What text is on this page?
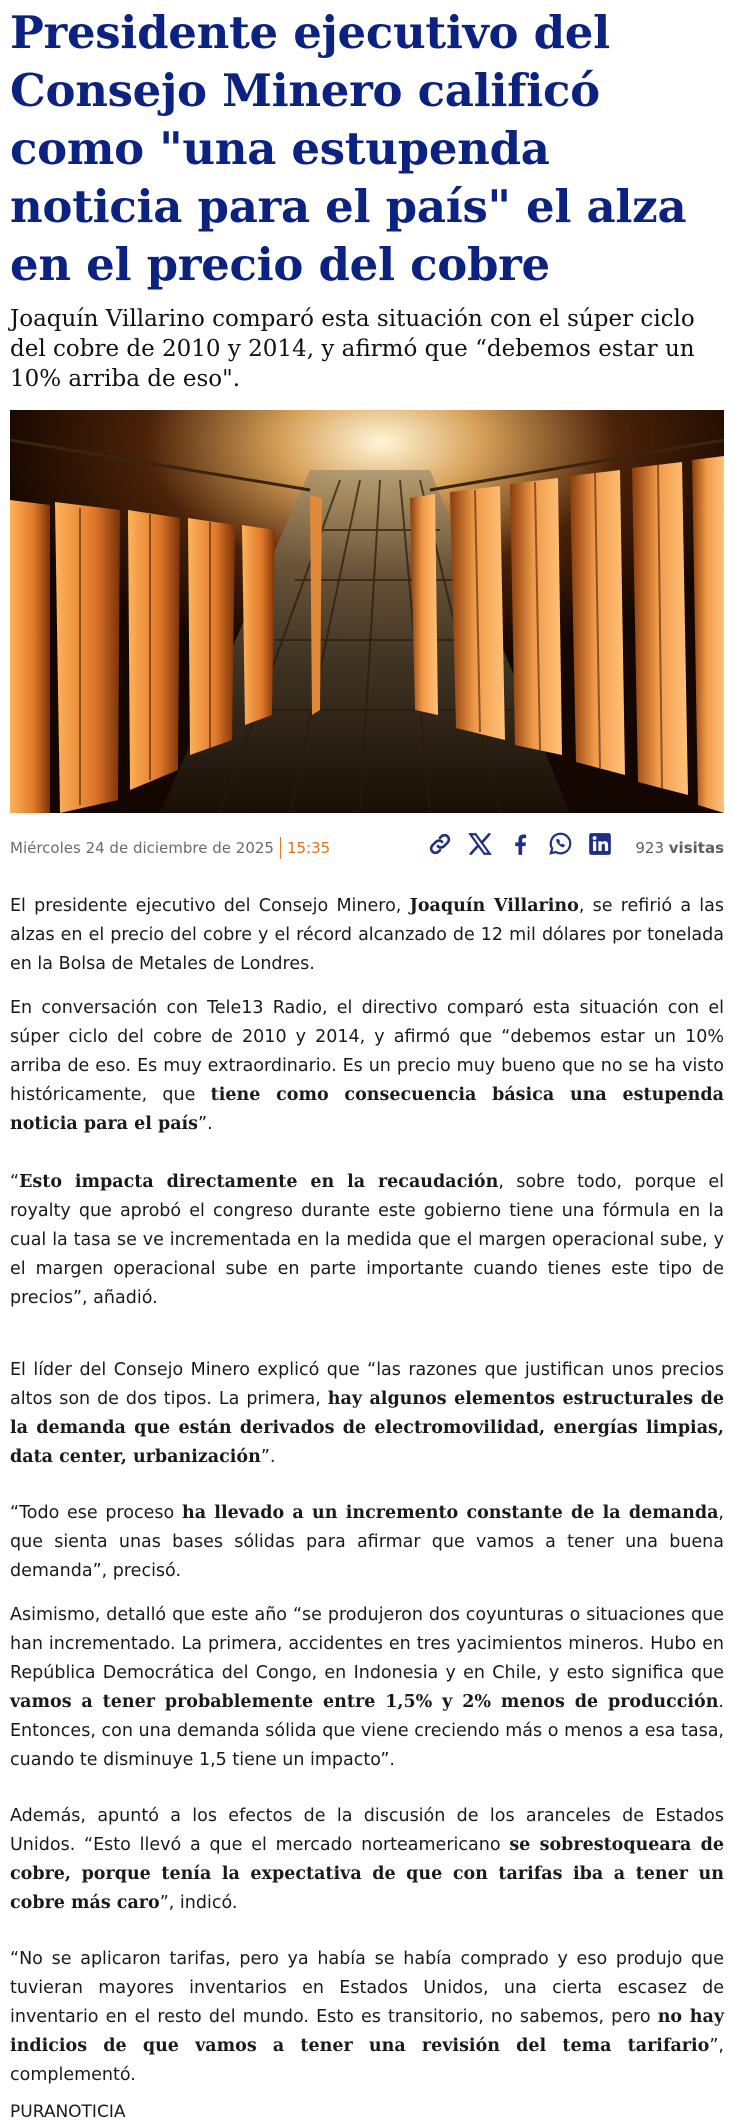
Presidente ejecutivo del Consejo Minero calificó como "una estupenda noticia para el país" el alza en el precio del cobre
Joaquín Villarino comparó esta situación con el súper ciclo del cobre de 2010 y 2014, y afirmó que “debemos estar un 10% arriba de eso".
Miércoles 24 de diciembre de 2025 15:35	923 visitas

El presidente ejecutivo del Consejo Minero, Joaquín Villarino, se refirió a las alzas en el precio del cobre y el récord alcanzado de 12 mil dólares por tonelada en la Bolsa de Metales de Londres.

En conversación con Tele13 Radio, el directivo comparó esta situación con el súper ciclo del cobre de 2010 y 2014, y afirmó que “debemos estar un 10% arriba de eso. Es muy extraordinario. Es un precio muy bueno que no se ha visto históricamente, que tiene como consecuencia básica una estupenda noticia para el país”.

“Esto impacta directamente en la recaudación, sobre todo, porque el royalty que aprobó el congreso durante este gobierno tiene una fórmula en la cual la tasa se ve incrementada en la medida que el margen operacional sube, y el margen operacional sube en parte importante cuando tienes este tipo de precios”, añadió.

El líder del Consejo Minero explicó que “las razones que justifican unos precios altos son de dos tipos. La primera, hay algunos elementos estructurales de la demanda que están derivados de electromovilidad, energías limpias, data center, urbanización”.

“Todo ese proceso ha llevado a un incremento constante de la demanda, que sienta unas bases sólidas para afirmar que vamos a tener una buena demanda”, precisó.

Asimismo, detalló que este año “se produjeron dos coyunturas o situaciones que han incrementado. La primera, accidentes en tres yacimientos mineros. Hubo en República Democrática del Congo, en Indonesia y en Chile, y esto significa que vamos a tener probablemente entre 1,5% y 2% menos de producción. Entonces, con una demanda sólida que viene creciendo más o menos a esa tasa, cuando te disminuye 1,5 tiene un impacto”.

Además, apuntó a los efectos de la discusión de los aranceles de Estados Unidos. “Esto llevó a que el mercado norteamericano se sobrestoqueara de cobre, porque tenía la expectativa de que con tarifas iba a tener un cobre más caro”, indicó.

“No se aplicaron tarifas, pero ya había se había comprado y eso produjo que tuvieran mayores inventarios en Estados Unidos, una cierta escasez de inventario en el resto del mundo. Esto es transitorio, no sabemos, pero no hay indicios de que vamos a tener una revisión del tema tarifario”, complementó.

PURANOTICIA
